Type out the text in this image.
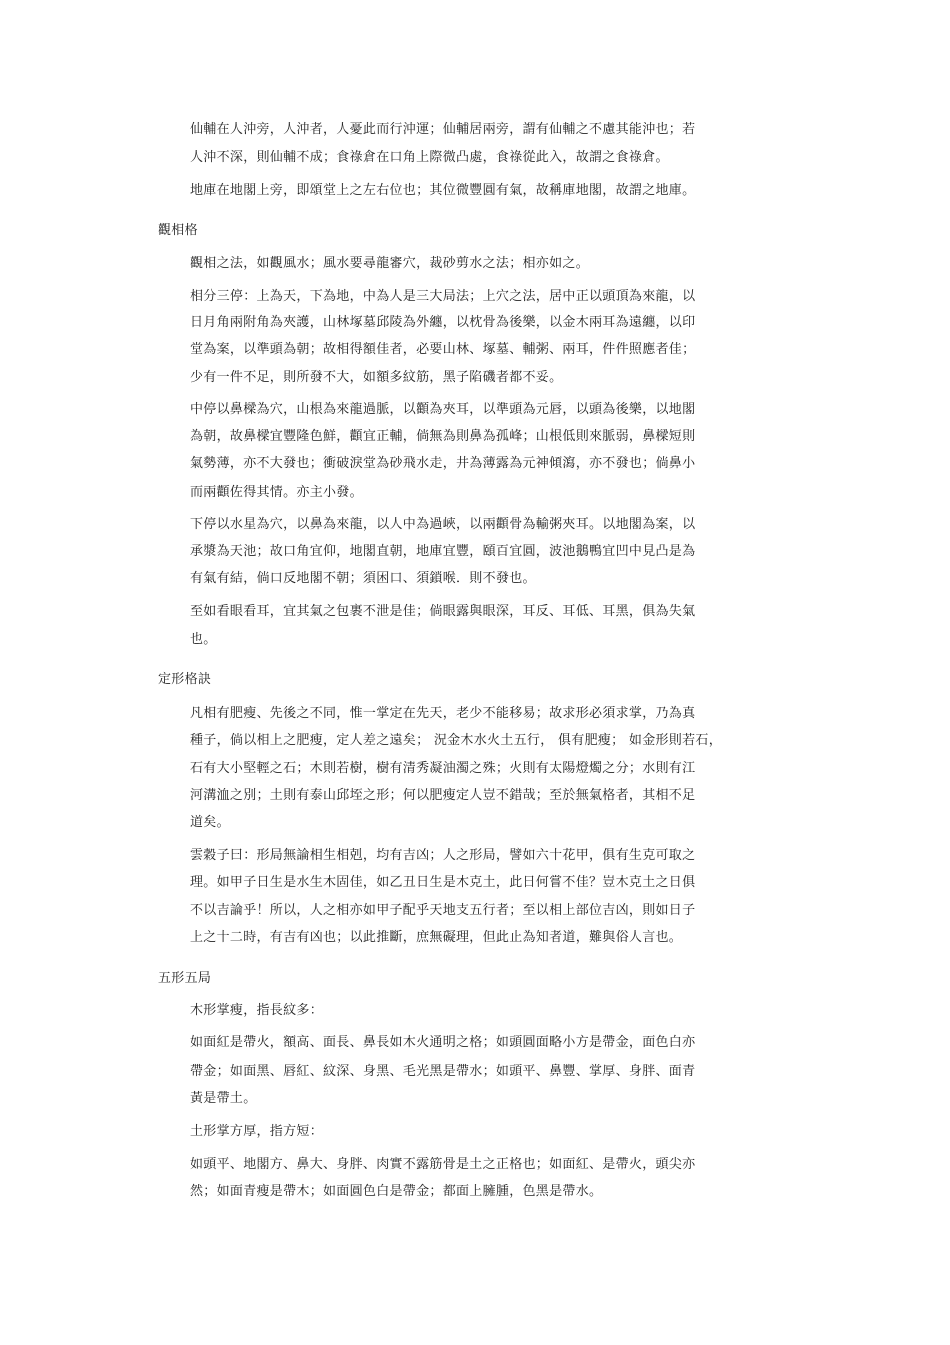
仙輔在人沖旁，人沖者，人憂此而行沖運；仙輔居兩旁，謂有仙輔之不慮其能沖也；若
人沖不深，則仙輔不成；食祿倉在口角上際微凸處，食祿從此入，故謂之食祿倉。
地庫在地閣上旁，即頌堂上之左右位也；其位微豐圓有氣，故稱庫地閣，故謂之地庫。
觀相格
觀相之法，如觀風水；風水要尋龍審穴，裁砂剪水之法；相亦如之。
相分三停：上為天，下為地，中為人是三大局法；上穴之法，居中正以頭頂為來龍，以
日月角兩附角為夾護，山林塚墓邱陵為外纏，以枕骨為後樂，以金木兩耳為遠纏，以印
堂為案，以準頭為朝；故相得額佳者，必要山林、塚墓、輔粥、兩耳，件件照應者佳；
少有一件不足，則所發不大，如額多紋筋，黑子陷磯者都不妥。
中停以鼻樑為穴，山根為來龍過脈，以顴為夾耳，以準頭為元唇，以頭為後樂，以地閣
為朝，故鼻樑宜豐隆色鮮，顴宜正輔，倘無為則鼻為孤峰；山根低則來脈弱，鼻樑短則
氣勢薄，亦不大發也；衝破淚堂為砂飛水走，井為薄露為元神傾瀉，亦不發也；倘鼻小
而兩顴佐得其情。亦主小發。
下停以水星為穴，以鼻為來龍，以人中為過峽，以兩顴骨為輸粥夾耳。以地閣為案，以
承漿為天池；故口角宜仰，地閣直朝，地庫宜豐，頤百宜圓，波池鵝鴨宜凹中見凸是為
有氣有結，倘口反地閣不朝；須困口、須鎖喉．則不發也。
至如看眼看耳，宜其氣之包裹不泄是佳；倘眼露與眼深，耳反、耳低、耳黑，俱為失氣
也。
定形格訣
凡相有肥瘦、先後之不同，惟一掌定在先天，老少不能移易；故求形必須求掌，乃為真
種子，倘以相上之肥瘦，定人差之遠矣； 況金木水火土五行， 俱有肥瘦； 如金形則若石，
石有大小堅輕之石；木則若樹，樹有清秀凝油濁之殊；火則有太陽燈燭之分；水則有江
河溝洫之別；土則有泰山邱垤之形；何以肥瘦定人豈不錯哉；至於無氣格者，其相不足
道矣。
雲穀子曰：形局無論相生相剋，均有吉凶；人之形局，譬如六十花甲，俱有生克可取之
理。如甲子日生是水生木固佳，如乙丑日生是木克土，此日何嘗不佳？豈木克土之日俱
不以吉論乎！所以，人之相亦如甲子配乎天地支五行者；至以相上部位吉凶，則如日子
上之十二時，有吉有凶也；以此推斷，庶無礙理，但此止為知者道，難與俗人言也。
五形五局
木形掌瘦，指長紋多：
如面紅是帶火，額高、面長、鼻長如木火通明之格；如頭圓面略小方是帶金，面色白亦
帶金；如面黑、唇紅、紋深、身黑、毛光黑是帶水；如頭平、鼻豐、掌厚、身胖、面青
黃是帶土。
土形掌方厚，指方短：
如頭平、地閣方、鼻大、身胖、肉實不露筋骨是土之正格也；如面紅、是帶火，頭尖亦
然；如面青瘦是帶木；如面圓色白是帶金；都面上臃腫，色黑是帶水。
